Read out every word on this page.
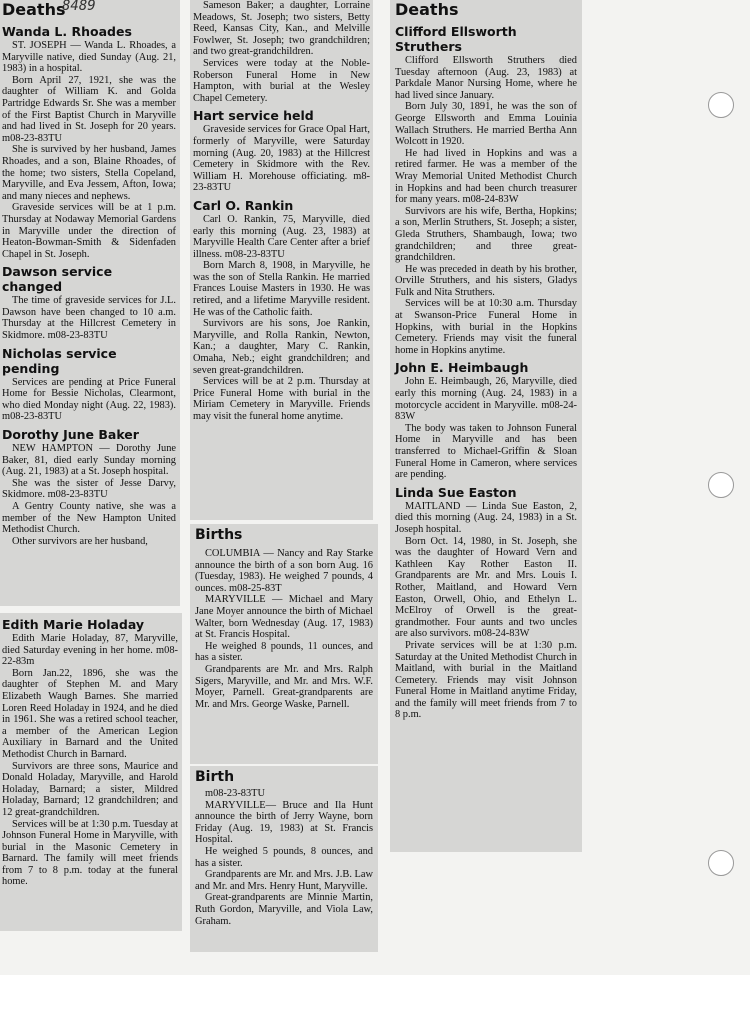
Deaths
8489
Wanda L. Rhoades

ST. JOSEPH — Wanda L. Rhoades, a Maryville native, died Sunday (Aug. 21, 1983) in a hospital.

Born April 27, 1921, she was the daughter of William K. and Golda Partridge Edwards Sr. She was a member of the First Baptist Church in Maryville and had lived in St. Joseph for 20 years. m08-23-83TU

She is survived by her husband, James Rhoades, and a son, Blaine Rhoades, of the home; two sisters, Stella Copeland, Maryville, and Eva Jessem, Afton, Iowa; and many nieces and nephews.

Graveside services will be at 1 p.m. Thursday at Nodaway Memorial Gardens in Maryville under the direction of Heaton-Bowman-Smith & Sidenfaden Chapel in St. Joseph.

Dawson service changed

The time of graveside services for J.L. Dawson have been changed to 10 a.m. Thursday at the Hillcrest Cemetery in Skidmore. m08-23-83TU

Nicholas service pending

Services are pending at Price Funeral Home for Bessie Nicholas, Clearmont, who died Monday night (Aug. 22, 1983). m08-23-83TU

Dorothy June Baker

NEW HAMPTON — Dorothy June Baker, 81, died early Sunday morning (Aug. 21, 1983) at a St. Joseph hospital.

She was the sister of Jesse Darvy, Skidmore. m08-23-83TU

A Gentry County native, she was a member of the New Hampton United Methodist Church.

Other survivors are her husband,

Edith Marie Holaday

Edith Marie Holaday, 87, Maryville, died Saturday evening in her home. m08-22-83m

Born Jan.22, 1896, she was the daughter of Stephen M. and Mary Elizabeth Waugh Barnes. She married Loren Reed Holaday in 1924, and he died in 1961. She was a retired school teacher, a member of the American Legion Auxiliary in Barnard and the United Methodist Church in Barnard.

Survivors are three sons, Maurice and Donald Holaday, Maryville, and Harold Holaday, Barnard; a sister, Mildred Holaday, Barnard; 12 grandchildren; and 12 great-grandchildren.

Services will be at 1:30 p.m. Tuesday at Johnson Funeral Home in Maryville, with burial in the Masonic Cemetery in Barnard. The family will meet friends from 7 to 8 p.m. today at the funeral home.

Sameson Baker; a daughter, Lorraine Meadows, St. Joseph; two sisters, Betty Reed, Kansas City, Kan., and Melville Fowlwer, St. Joseph; two grandchildren; and two great-grandchildren.

Services were today at the Noble-Roberson Funeral Home in New Hampton, with burial at the Wesley Chapel Cemetery.

Hart service held

Graveside services for Grace Opal Hart, formerly of Maryville, were Saturday morning (Aug. 20, 1983) at the Hillcrest Cemetery in Skidmore with the Rev. William H. Morehouse officiating. m8-23-83TU

Carl O. Rankin

Carl O. Rankin, 75, Maryville, died early this morning (Aug. 23, 1983) at Maryville Health Care Center after a brief illness. m08-23-83TU

Born March 8, 1908, in Maryville, he was the son of Stella Rankin. He married Frances Louise Masters in 1930. He was retired, and a lifetime Maryville resident. He was of the Catholic faith.

Survivors are his sons, Joe Rankin, Maryville, and Rolla Rankin, Newton, Kan.; a daughter, Mary C. Rankin, Omaha, Neb.; eight grandchildren; and seven great-grandchildren.

Services will be at 2 p.m. Thursday at Price Funeral Home with burial in the Miriam Cemetery in Maryville. Friends may visit the funeral home anytime.

Births

COLUMBIA — Nancy and Ray Starke announce the birth of a son born Aug. 16 (Tuesday, 1983). He weighed 7 pounds, 4 ounces. m08-25-83T

MARYVILLE — Michael and Mary Jane Moyer announce the birth of Michael Walter, born Wednesday (Aug. 17, 1983) at St. Francis Hospital.

He weighed 8 pounds, 11 ounces, and has a sister.

Grandparents are Mr. and Mrs. Ralph Sigers, Maryville, and Mr. and Mrs. W.F. Moyer, Parnell. Great-grandparents are Mr. and Mrs. George Waske, Parnell.

Birth

m08-23-83TU

MARYVILLE— Bruce and Ila Hunt announce the birth of Jerry Wayne, born Friday (Aug. 19, 1983) at St. Francis Hospital.

He weighed 5 pounds, 8 ounces, and has a sister.

Grandparents are Mr. and Mrs. J.B. Law and Mr. and Mrs. Henry Hunt, Maryville.

Great-grandparents are Minnie Martin, Ruth Gordon, Maryville, and Viola Law, Graham.

Deaths
Clifford Ellsworth Struthers

Clifford Ellsworth Struthers died Tuesday afternoon (Aug. 23, 1983) at Parkdale Manor Nursing Home, where he had lived since January.

Born July 30, 1891, he was the son of George Ellsworth and Emma Louinia Wallach Struthers. He married Bertha Ann Wolcott in 1920.

He had lived in Hopkins and was a retired farmer. He was a member of the Wray Memorial United Methodist Church in Hopkins and had been church treasurer for many years. m08-24-83W

Survivors are his wife, Bertha, Hopkins; a son, Merlin Struthers, St. Joseph; a sister, Gleda Struthers, Shambaugh, Iowa; two grandchildren; and three great-grandchildren.

He was preceded in death by his brother, Orville Struthers, and his sisters, Gladys Fulk and Nita Struthers.

Services will be at 10:30 a.m. Thursday at Swanson-Price Funeral Home in Hopkins, with burial in the Hopkins Cemetery. Friends may visit the funeral home in Hopkins anytime.

John E. Heimbaugh

John E. Heimbaugh, 26, Maryville, died early this morning (Aug. 24, 1983) in a motorcycle accident in Maryville. m08-24-83W

The body was taken to Johnson Funeral Home in Maryville and has been transferred to Michael-Griffin & Sloan Funeral Home in Cameron, where services are pending.

Linda Sue Easton

MAITLAND — Linda Sue Easton, 2, died this morning (Aug. 24, 1983) in a St. Joseph hospital.

Born Oct. 14, 1980, in St. Joseph, she was the daughter of Howard Vern and Kathleen Kay Rother Easton II. Grandparents are Mr. and Mrs. Louis I. Rother, Maitland, and Howard Vern Easton, Orwell, Ohio, and Ethelyn L. McElroy of Orwell is the great-grandmother. Four aunts and two uncles are also survivors. m08-24-83W

Private services will be at 1:30 p.m. Saturday at the United Methodist Church in Maitland, with burial in the Maitland Cemetery. Friends may visit Johnson Funeral Home in Maitland anytime Friday, and the family will meet friends from 7 to 8 p.m.
